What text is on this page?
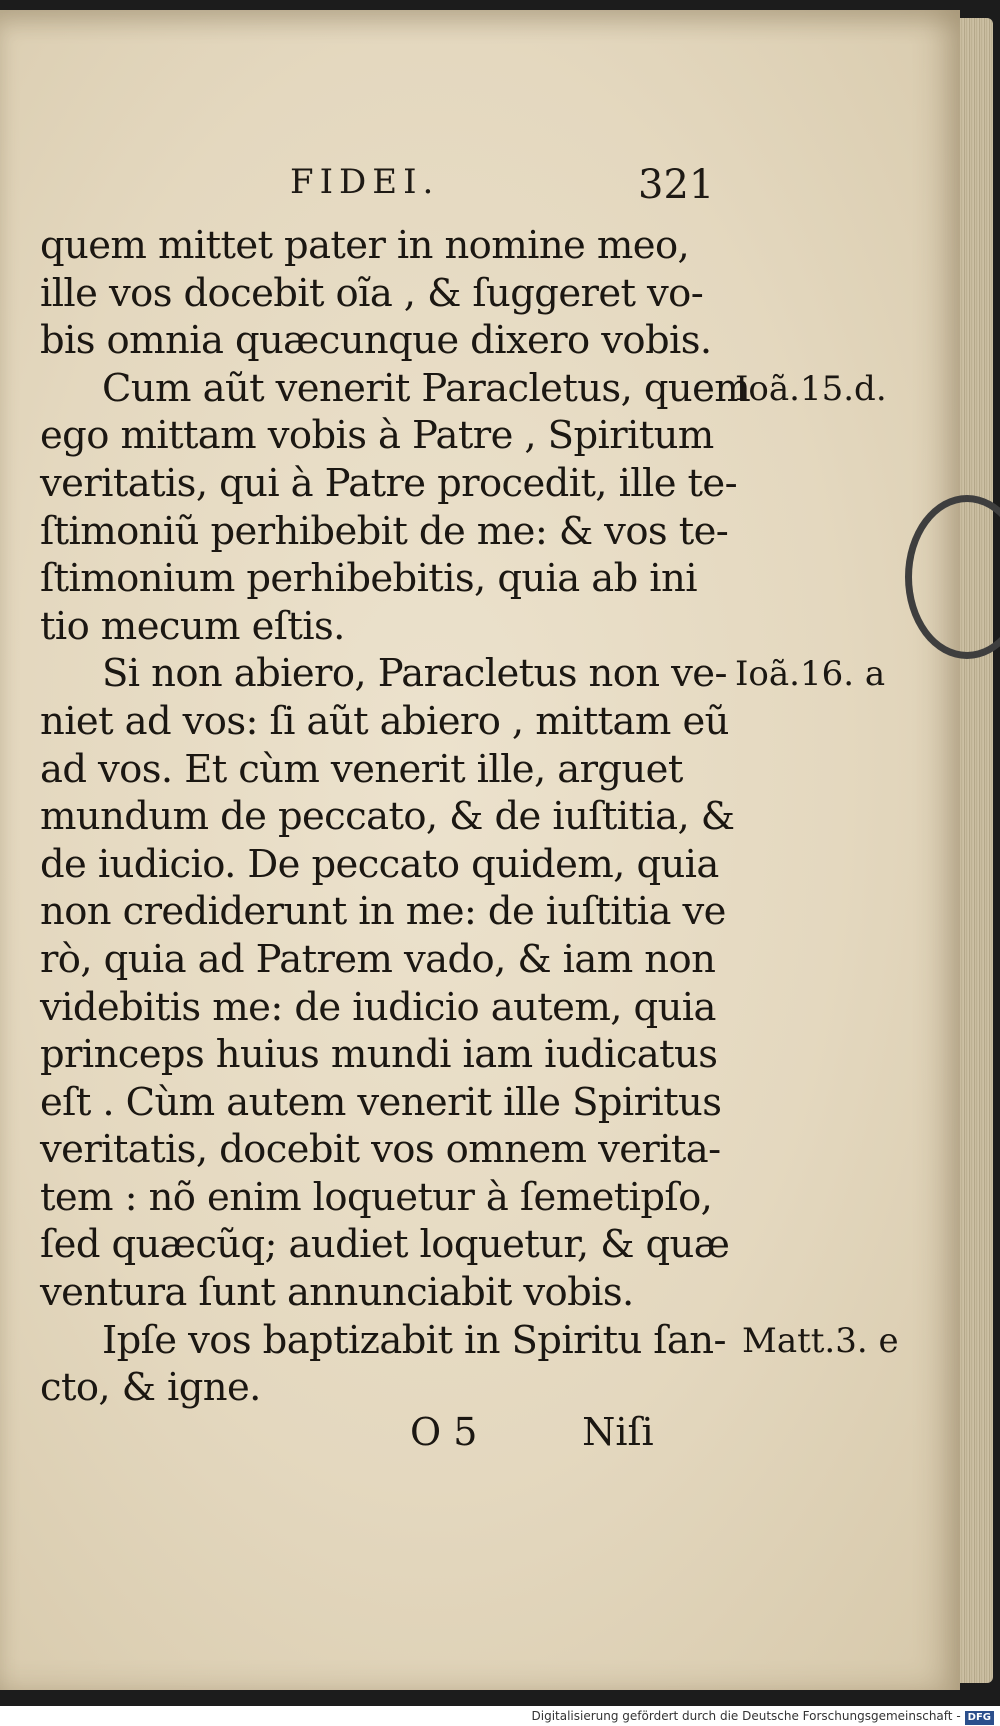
FIDEI.	321
quem mittet pater in nomine meo,
ille vos docebit oĩa , & ſuggeret vo-
bis omnia quæcunque dixero vobis.
Cum aũt venerit Paracletus, quem
ego mittam vobis à Patre , Spiritum
veritatis, qui à Patre procedit, ille te-
ſtimoniũ perhibebit de me: & vos te-
ſtimonium perhibebitis, quia ab ini
tio mecum eſtis.
Si non abiero, Paracletus non ve-
niet ad vos: ſi aũt abiero , mittam eũ
ad vos. Et cùm venerit ille, arguet
mundum de peccato, & de iuſtitia, &
de iudicio. De peccato quidem, quia
non crediderunt in me: de iuſtitia ve
rò, quia ad Patrem vado, & iam non
videbitis me: de iudicio autem, quia
princeps huius mundi iam iudicatus
eſt . Cùm autem venerit ille Spiritus
veritatis, docebit vos omnem verita-
tem : nõ enim loquetur à ſemetipſo,
ſed quæcũq; audiet loquetur, & quæ
ventura ſunt annunciabit vobis.
Ipſe vos baptizabit in Spiritu ſan-
cto, & igne.
O 5	Niſi
Ioã.15.d.
Ioã.16. a
Matt.3. e
Digitalisierung gefördert durch die Deutsche Forschungsgemeinschaft - DFG
